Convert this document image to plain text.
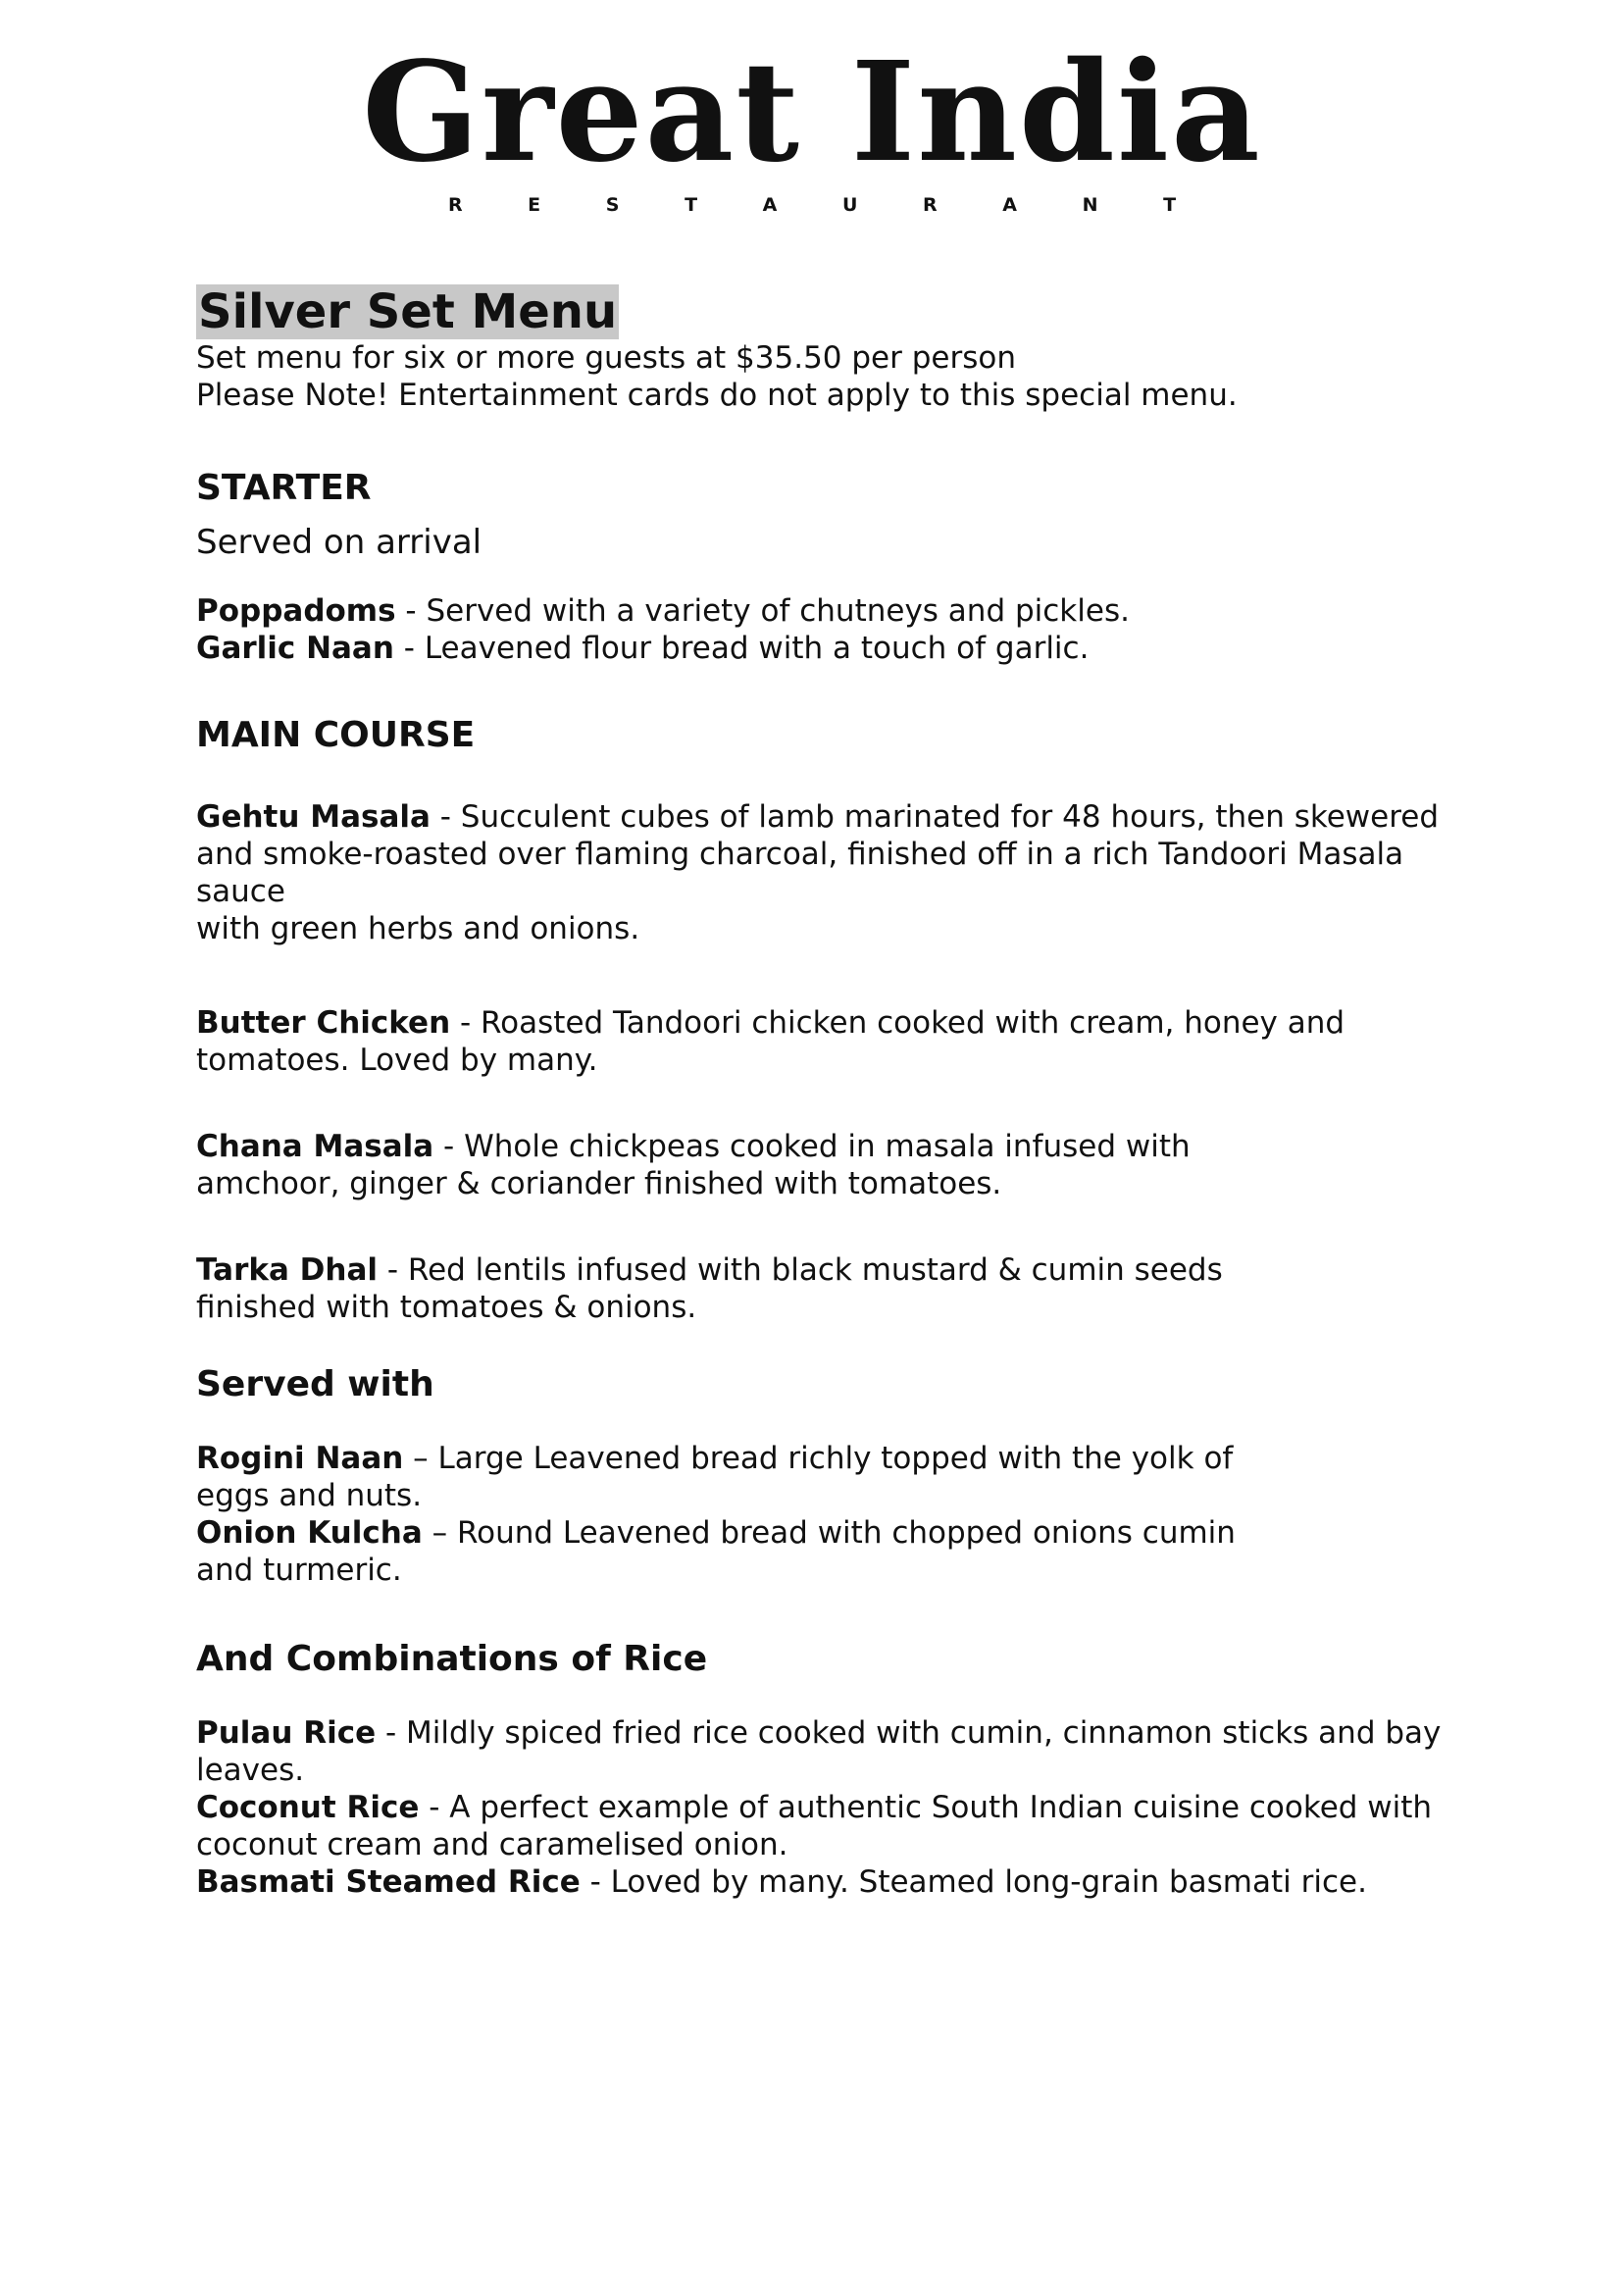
Great India
R E S T A U R A N T
Silver Set Menu

Set menu for six or more guests at $35.50 per person

Please Note! Entertainment cards do not apply to this special menu.

STARTER

Served on arrival

Poppadoms - Served with a variety of chutneys and pickles.

Garlic Naan - Leavened flour bread with a touch of garlic.

MAIN COURSE

Gehtu Masala - Succulent cubes of lamb marinated for 48 hours, then skewered and smoke-roasted over flaming charcoal, finished off in a rich Tandoori Masala sauce

with green herbs and onions.

Butter Chicken - Roasted Tandoori chicken cooked with cream, honey and tomatoes. Loved by many.

Chana Masala - Whole chickpeas cooked in masala infused with

amchoor, ginger & coriander finished with tomatoes.

Tarka Dhal - Red lentils infused with black mustard & cumin seeds

finished with tomatoes & onions.

Served with

Rogini Naan – Large Leavened bread richly topped with the yolk of

eggs and nuts.

Onion Kulcha – Round Leavened bread with chopped onions cumin

and turmeric.

And Combinations of Rice

Pulau Rice - Mildly spiced fried rice cooked with cumin, cinnamon sticks and bay leaves.

Coconut Rice - A perfect example of authentic South Indian cuisine cooked with coconut cream and caramelised onion.

Basmati Steamed Rice - Loved by many. Steamed long-grain basmati rice.
